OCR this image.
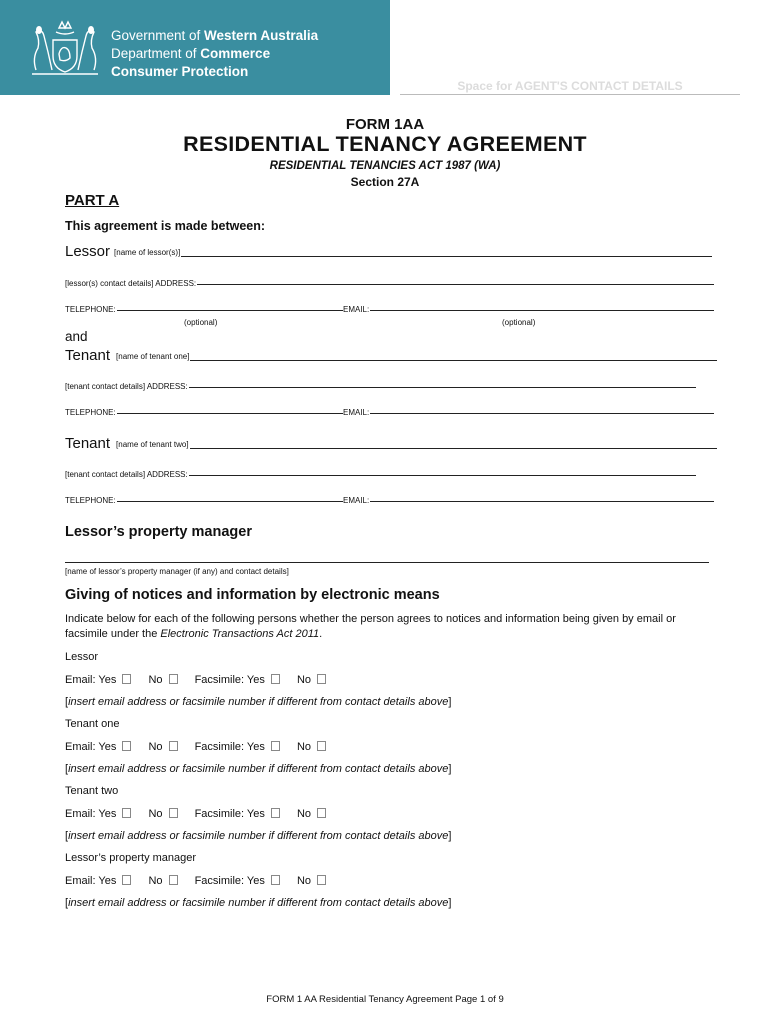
Government of Western Australia
Department of Commerce
Consumer Protection
Space for AGENT'S CONTACT DETAILS
FORM 1AA
RESIDENTIAL TENANCY AGREEMENT
RESIDENTIAL TENANCIES ACT 1987 (WA)
Section 27A
PART A
This agreement is made between:
Lessor [name of lessor(s)]
[lessor(s) contact details] ADDRESS:
TELEPHONE:	EMAIL:
(optional)	(optional)
and
Tenant [name of tenant one]
[tenant contact details] ADDRESS:
TELEPHONE:	EMAIL:
Tenant [name of tenant two]
[tenant contact details] ADDRESS:
TELEPHONE:	EMAIL:
Lessor’s property manager
[name of lessor’s property manager (if any) and contact details]
Giving of notices and information by electronic means
Indicate below for each of the following persons whether the person agrees to notices and information being given by email or
facsimile under the Electronic Transactions Act 2011.
Lessor
Email: Yes	No	Facsimile: Yes	No
[insert email address or facsimile number if different from contact details above]
Tenant one
Email: Yes	No	Facsimile: Yes	No
[insert email address or facsimile number if different from contact details above]
Tenant two
Email: Yes	No	Facsimile: Yes	No
[insert email address or facsimile number if different from contact details above]
Lessor’s property manager
Email: Yes	No	Facsimile: Yes	No
[insert email address or facsimile number if different from contact details above]
FORM 1 AA Residential Tenancy Agreement Page 1 of 9
